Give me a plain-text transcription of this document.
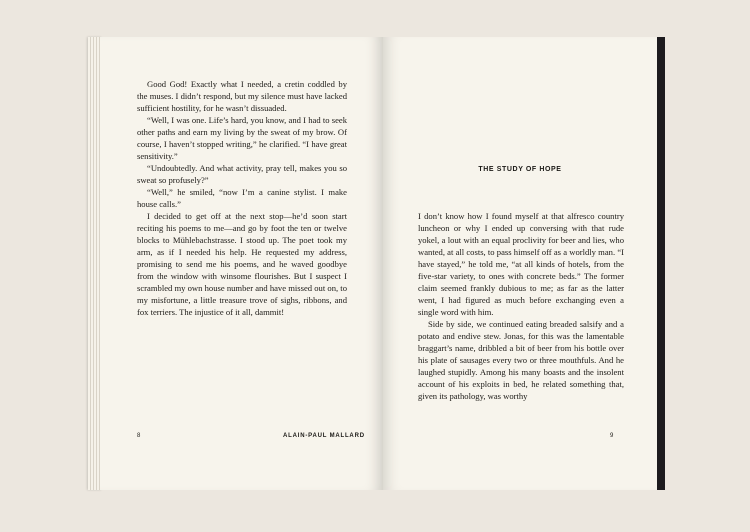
Good God! Exactly what I needed, a cretin coddled by the muses. I didn’t respond, but my silence must have lacked sufficient hostility, for he wasn’t dissuaded.

“Well, I was one. Life’s hard, you know, and I had to seek other paths and earn my living by the sweat of my brow. Of course, I haven’t stopped writing,” he clarified. “I have great sensitivity.”

“Undoubtedly. And what activity, pray tell, makes you so sweat so profusely?”

“Well,” he smiled, “now I’m a canine stylist. I make house calls.”

I decided to get off at the next stop—he’d soon start reciting his poems to me—and go by foot the ten or twelve blocks to Mühlebachstrasse. I stood up. The poet took my arm, as if I needed his help. He requested my address, promising to send me his poems, and he waved goodbye from the window with winsome flourishes. But I suspect I scrambled my own house number and have missed out on, to my misfortune, a little treasure trove of sighs, ribbons, and fox terriers. The injustice of it all, dammit!

8	ALAIN-PAUL MALLARD
THE STUDY OF HOPE

I don’t know how I found myself at that alfresco country luncheon or why I ended up conversing with that rude yokel, a lout with an equal proclivity for beer and lies, who wanted, at all costs, to pass himself off as a worldly man. “I have stayed,” he told me, “at all kinds of hotels, from the five-star variety, to ones with concrete beds.” The former claim seemed frankly dubious to me; as far as the latter went, I had figured as much before exchanging even a single word with him.

Side by side, we continued eating breaded salsify and a potato and endive stew. Jonas, for this was the lamentable braggart’s name, dribbled a bit of beer from his bottle over his plate of sausages every two or three mouthfuls. And he laughed stupidly. Among his many boasts and the insolent account of his exploits in bed, he related something that, given its pathology, was worthy

9
